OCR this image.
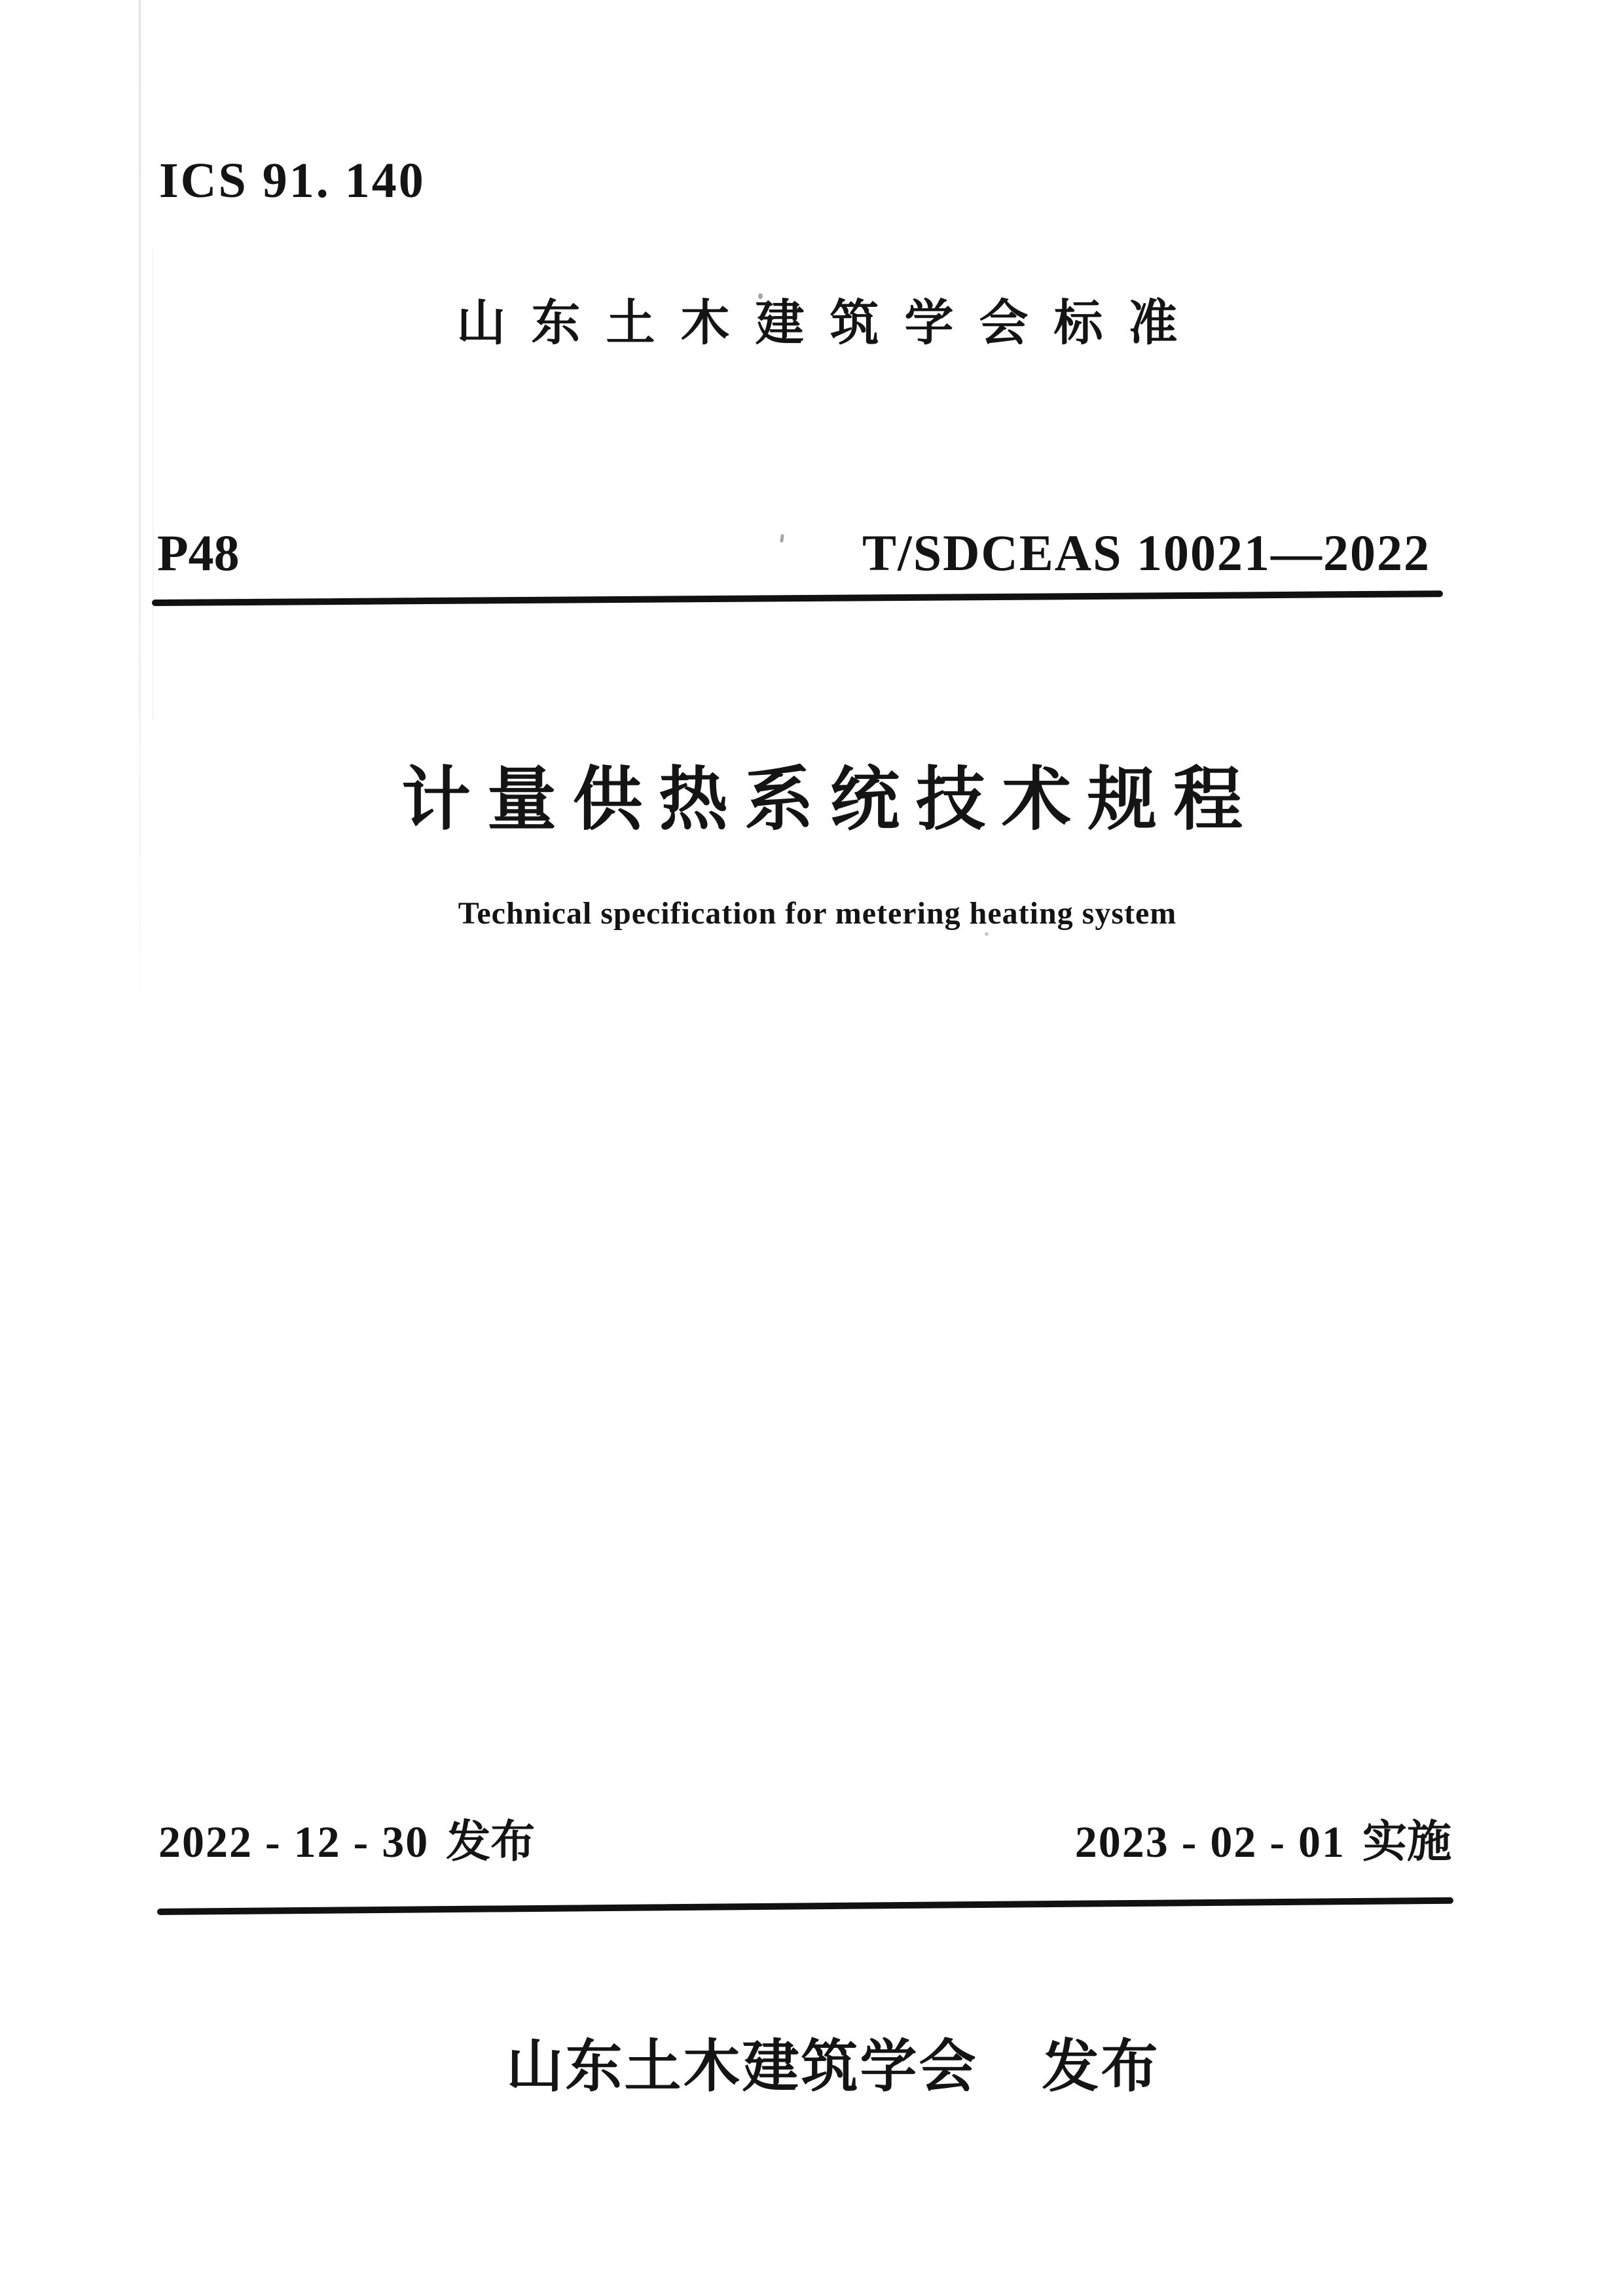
ICS 91. 140
山东土木建筑学会标准
P48	T/SDCEAS 10021—2022
计量供热系统技术规程
Technical specification for metering heating system
2022 - 12 - 30 发布	2023 - 02 - 01 实施
山东土木建筑学会 发布
